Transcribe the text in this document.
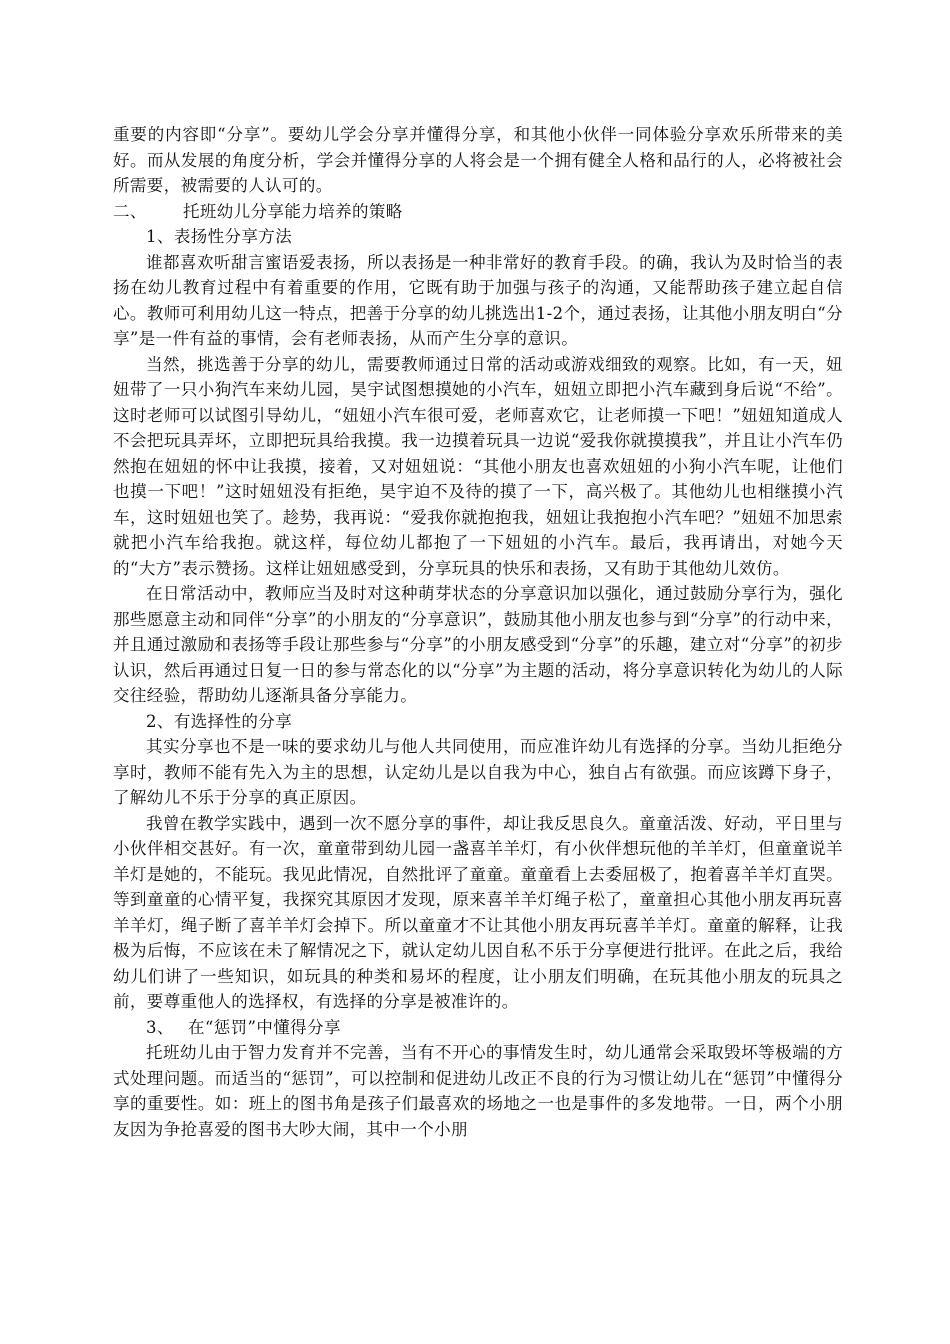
重要的内容即“分享”。要幼儿学会分享并懂得分享，和其他小伙伴一同体验分享欢乐所带来的美好。而从发展的角度分析，学会并懂得分享的人将会是一个拥有健全人格和品行的人，必将被社会所需要，被需要的人认可的。

二、 托班幼儿分享能力培养的策略
1、表扬性分享方法

谁都喜欢听甜言蜜语爱表扬，所以表扬是一种非常好的教育手段。的确，我认为及时恰当的表扬在幼儿教育过程中有着重要的作用，它既有助于加强与孩子的沟通，又能帮助孩子建立起自信心。教师可利用幼儿这一特点，把善于分享的幼儿挑选出1-2个，通过表扬，让其他小朋友明白“分享”是一件有益的事情，会有老师表扬，从而产生分享的意识。

当然，挑选善于分享的幼儿，需要教师通过日常的活动或游戏细致的观察。比如，有一天，妞妞带了一只小狗汽车来幼儿园，昊宇试图想摸她的小汽车，妞妞立即把小汽车藏到身后说“不给”。这时老师可以试图引导幼儿，“妞妞小汽车很可爱，老师喜欢它，让老师摸一下吧！”妞妞知道成人不会把玩具弄坏，立即把玩具给我摸。我一边摸着玩具一边说“爱我你就摸摸我”，并且让小汽车仍然抱在妞妞的怀中让我摸，接着，又对妞妞说：“其他小朋友也喜欢妞妞的小狗小汽车呢，让他们也摸一下吧！”这时妞妞没有拒绝，昊宇迫不及待的摸了一下，高兴极了。其他幼儿也相继摸小汽车，这时妞妞也笑了。趁势，我再说：“爱我你就抱抱我，妞妞让我抱抱小汽车吧？”妞妞不加思索就把小汽车给我抱。就这样，每位幼儿都抱了一下妞妞的小汽车。最后，我再请出，对她今天的“大方”表示赞扬。这样让妞妞感受到，分享玩具的快乐和表扬，又有助于其他幼儿效仿。

在日常活动中，教师应当及时对这种萌芽状态的分享意识加以强化，通过鼓励分享行为，强化那些愿意主动和同伴“分享”的小朋友的“分享意识”，鼓励其他小朋友也参与到“分享”的行动中来，并且通过激励和表扬等手段让那些参与“分享”的小朋友感受到“分享”的乐趣，建立对“分享”的初步认识，然后再通过日复一日的参与常态化的以“分享”为主题的活动，将分享意识转化为幼儿的人际交往经验，帮助幼儿逐渐具备分享能力。

2、有选择性的分享

其实分享也不是一味的要求幼儿与他人共同使用，而应准许幼儿有选择的分享。当幼儿拒绝分享时，教师不能有先入为主的思想，认定幼儿是以自我为中心，独自占有欲强。而应该蹲下身子，了解幼儿不乐于分享的真正原因。

我曾在教学实践中，遇到一次不愿分享的事件，却让我反思良久。童童活泼、好动，平日里与小伙伴相交甚好。有一次，童童带到幼儿园一盏喜羊羊灯，有小伙伴想玩他的羊羊灯，但童童说羊羊灯是她的，不能玩。我见此情况，自然批评了童童。童童看上去委屈极了，抱着喜羊羊灯直哭。等到童童的心情平复，我探究其原因才发现，原来喜羊羊灯绳子松了，童童担心其他小朋友再玩喜羊羊灯，绳子断了喜羊羊灯会掉下。所以童童才不让其他小朋友再玩喜羊羊灯。童童的解释，让我极为后悔，不应该在未了解情况之下，就认定幼儿因自私不乐于分享便进行批评。在此之后，我给幼儿们讲了一些知识，如玩具的种类和易坏的程度，让小朋友们明确，在玩其他小朋友的玩具之前，要尊重他人的选择权，有选择的分享是被准许的。

3、 在“惩罚”中懂得分享

托班幼儿由于智力发育并不完善，当有不开心的事情发生时，幼儿通常会采取毁坏等极端的方式处理问题。而适当的“惩罚”，可以控制和促进幼儿改正不良的行为习惯让幼儿在“惩罚”中懂得分享的重要性。如：班上的图书角是孩子们最喜欢的场地之一也是事件的多发地带。一日，两个小朋友因为争抢喜爱的图书大吵大闹，其中一个小朋
